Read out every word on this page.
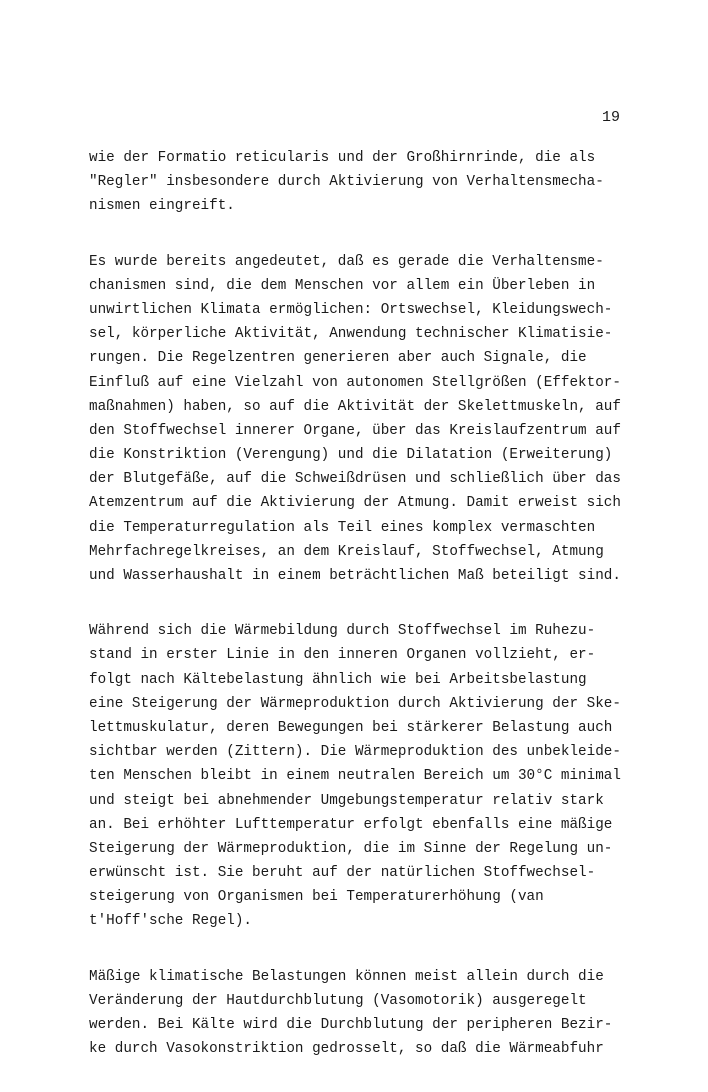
19
wie der Formatio reticularis und der Großhirnrinde, die als
"Regler" insbesondere durch Aktivierung von Verhaltensmecha-
nismen eingreift.
Es wurde bereits angedeutet, daß es gerade die Verhaltensme-
chanismen sind, die dem Menschen vor allem ein Überleben in
unwirtlichen Klimata ermöglichen: Ortswechsel, Kleidungswech-
sel, körperliche Aktivität, Anwendung technischer Klimatisie-
rungen. Die Regelzentren generieren aber auch Signale, die
Einfluß auf eine Vielzahl von autonomen Stellgrößen (Effektor-
maßnahmen) haben, so auf die Aktivität der Skelettmuskeln, auf
den Stoffwechsel innerer Organe, über das Kreislaufzentrum auf
die Konstriktion (Verengung) und die Dilatation (Erweiterung)
der Blutgefäße, auf die Schweißdrüsen und schließlich über das
Atemzentrum auf die Aktivierung der Atmung. Damit erweist sich
die Temperaturregulation als Teil eines komplex vermaschten
Mehrfachregelkreises, an dem Kreislauf, Stoffwechsel, Atmung
und Wasserhaushalt in einem beträchtlichen Maß beteiligt sind.
Während sich die Wärmebildung durch Stoffwechsel im Ruhezu-
stand in erster Linie in den inneren Organen vollzieht, er-
folgt nach Kältebelastung ähnlich wie bei Arbeitsbelastung
eine Steigerung der Wärmeproduktion durch Aktivierung der Ske-
lettmuskulatur, deren Bewegungen bei stärkerer Belastung auch
sichtbar werden (Zittern). Die Wärmeproduktion des unbekleide-
ten Menschen bleibt in einem neutralen Bereich um 30°C minimal
und steigt bei abnehmender Umgebungstemperatur relativ stark
an. Bei erhöhter Lufttemperatur erfolgt ebenfalls eine mäßige
Steigerung der Wärmeproduktion, die im Sinne der Regelung un-
erwünscht ist. Sie beruht auf der natürlichen Stoffwechsel-
steigerung von Organismen bei Temperaturerhöhung (van
t'Hoff'sche Regel).
Mäßige klimatische Belastungen können meist allein durch die
Veränderung der Hautdurchblutung (Vasomotorik) ausgeregelt
werden. Bei Kälte wird die Durchblutung der peripheren Bezir-
ke durch Vasokonstriktion gedrosselt, so daß die Wärmeabfuhr
